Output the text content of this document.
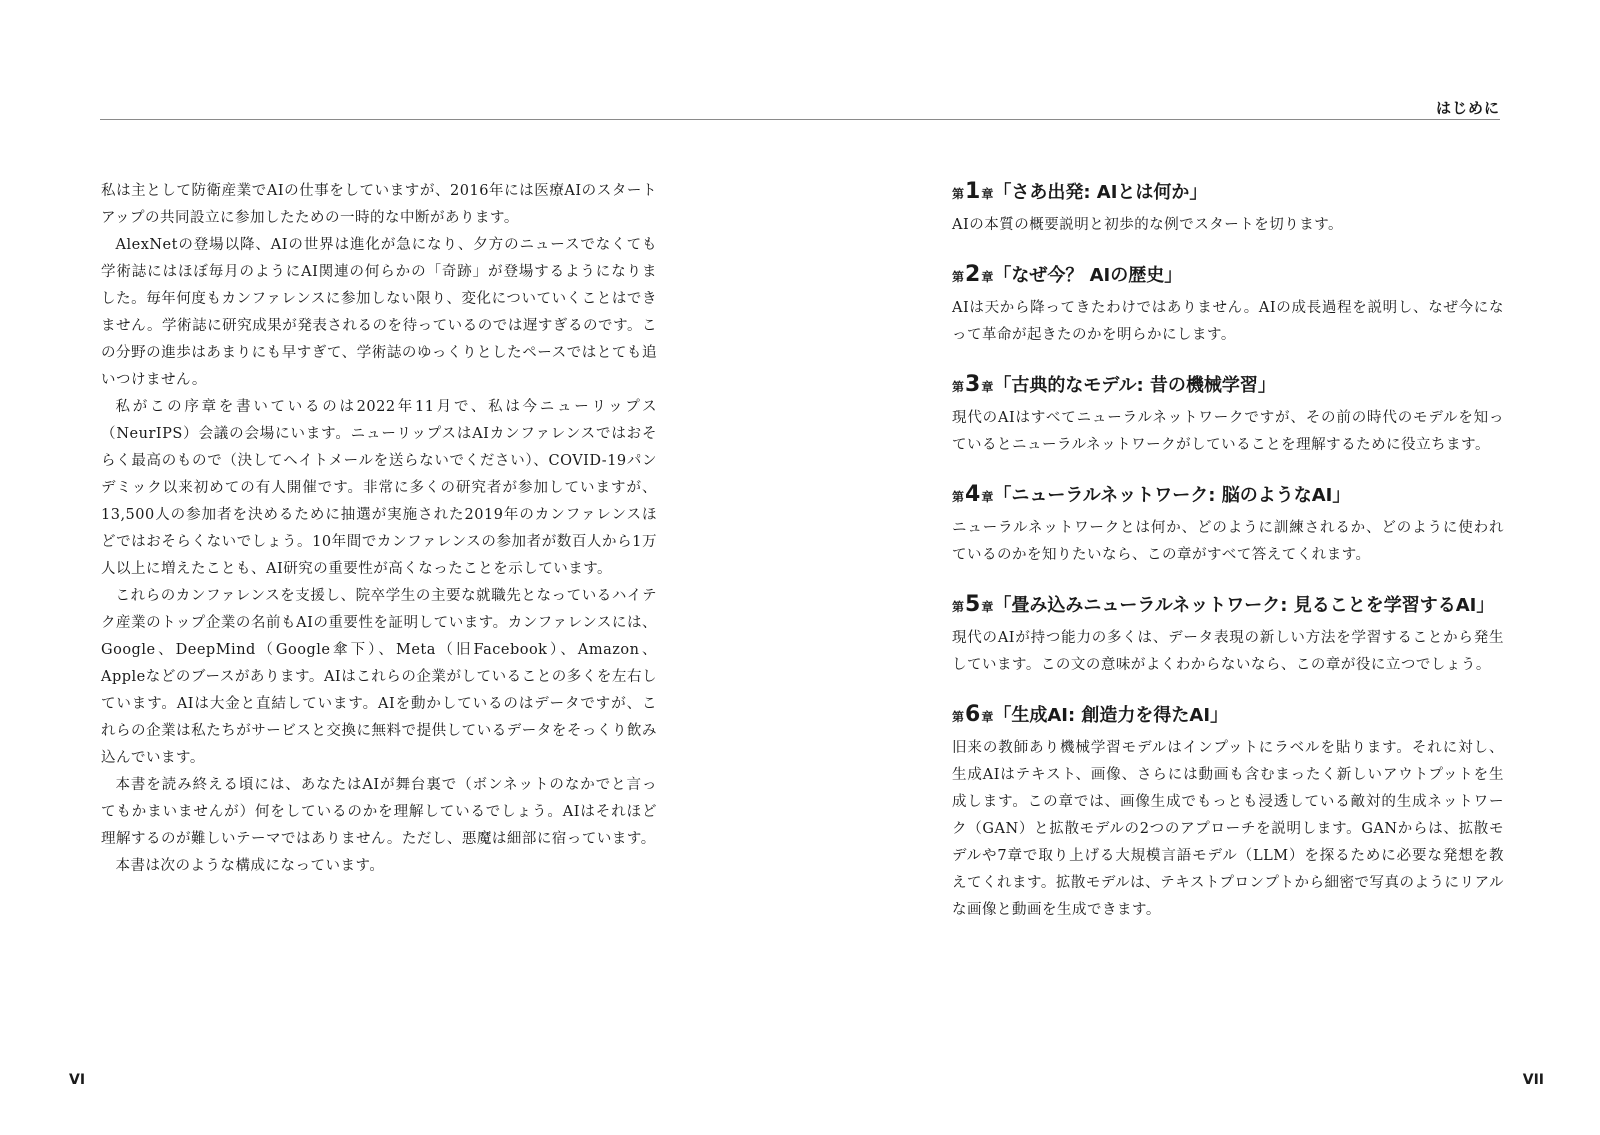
はじめに

私は主として防衛産業でAIの仕事をしていますが、2016年には医療AIのスタートアップの共同設立に参加したための一時的な中断があります。

AlexNetの登場以降、AIの世界は進化が急になり、夕方のニュースでなくても学術誌にはほぼ毎月のようにAI関連の何らかの「奇跡」が登場するようになりました。毎年何度もカンファレンスに参加しない限り、変化についていくことはできません。学術誌に研究成果が発表されるのを待っているのでは遅すぎるのです。この分野の進歩はあまりにも早すぎて、学術誌のゆっくりとしたペースではとても追いつけません。

私がこの序章を書いているのは2022年11月で、私は今ニューリップス（NeurIPS）会議の会場にいます。ニューリップスはAIカンファレンスではおそらく最高のもので（決してヘイトメールを送らないでください）、COVID-19パンデミック以来初めての有人開催です。非常に多くの研究者が参加していますが、13,500人の参加者を決めるために抽選が実施された2019年のカンファレンスほどではおそらくないでしょう。10年間でカンファレンスの参加者が数百人から1万人以上に増えたことも、AI研究の重要性が高くなったことを示しています。

これらのカンファレンスを支援し、院卒学生の主要な就職先となっているハイテク産業のトップ企業の名前もAIの重要性を証明しています。カンファレンスには、Google、DeepMind（Google傘下）、Meta（旧Facebook）、Amazon、Appleなどのブースがあります。AIはこれらの企業がしていることの多くを左右しています。AIは大金と直結しています。AIを動かしているのはデータですが、これらの企業は私たちがサービスと交換に無料で提供しているデータをそっくり飲み込んでいます。

本書を読み終える頃には、あなたはAIが舞台裏で（ボンネットのなかでと言ってもかまいませんが）何をしているのかを理解しているでしょう。AIはそれほど理解するのが難しいテーマではありません。ただし、悪魔は細部に宿っています。

本書は次のような構成になっています。

第1章「さあ出発: AIとは何か」

AIの本質の概要説明と初歩的な例でスタートを切ります。

第2章「なぜ今？ AIの歴史」

AIは天から降ってきたわけではありません。AIの成長過程を説明し、なぜ今になって革命が起きたのかを明らかにします。

第3章「古典的なモデル: 昔の機械学習」

現代のAIはすべてニューラルネットワークですが、その前の時代のモデルを知っているとニューラルネットワークがしていることを理解するために役立ちます。

第4章「ニューラルネットワーク: 脳のようなAI」

ニューラルネットワークとは何か、どのように訓練されるか、どのように使われているのかを知りたいなら、この章がすべて答えてくれます。

第5章「畳み込みニューラルネットワーク: 見ることを学習するAI」

現代のAIが持つ能力の多くは、データ表現の新しい方法を学習することから発生しています。この文の意味がよくわからないなら、この章が役に立つでしょう。

第6章「生成AI: 創造力を得たAI」

旧来の教師あり機械学習モデルはインプットにラベルを貼ります。それに対し、生成AIはテキスト、画像、さらには動画も含むまったく新しいアウトプットを生成します。この章では、画像生成でもっとも浸透している敵対的生成ネットワーク（GAN）と拡散モデルの2つのアプローチを説明します。GANからは、拡散モデルや7章で取り上げる大規模言語モデル（LLM）を探るために必要な発想を教えてくれます。拡散モデルは、テキストプロンプトから細密で写真のようにリアルな画像と動画を生成できます。

VI	VII
